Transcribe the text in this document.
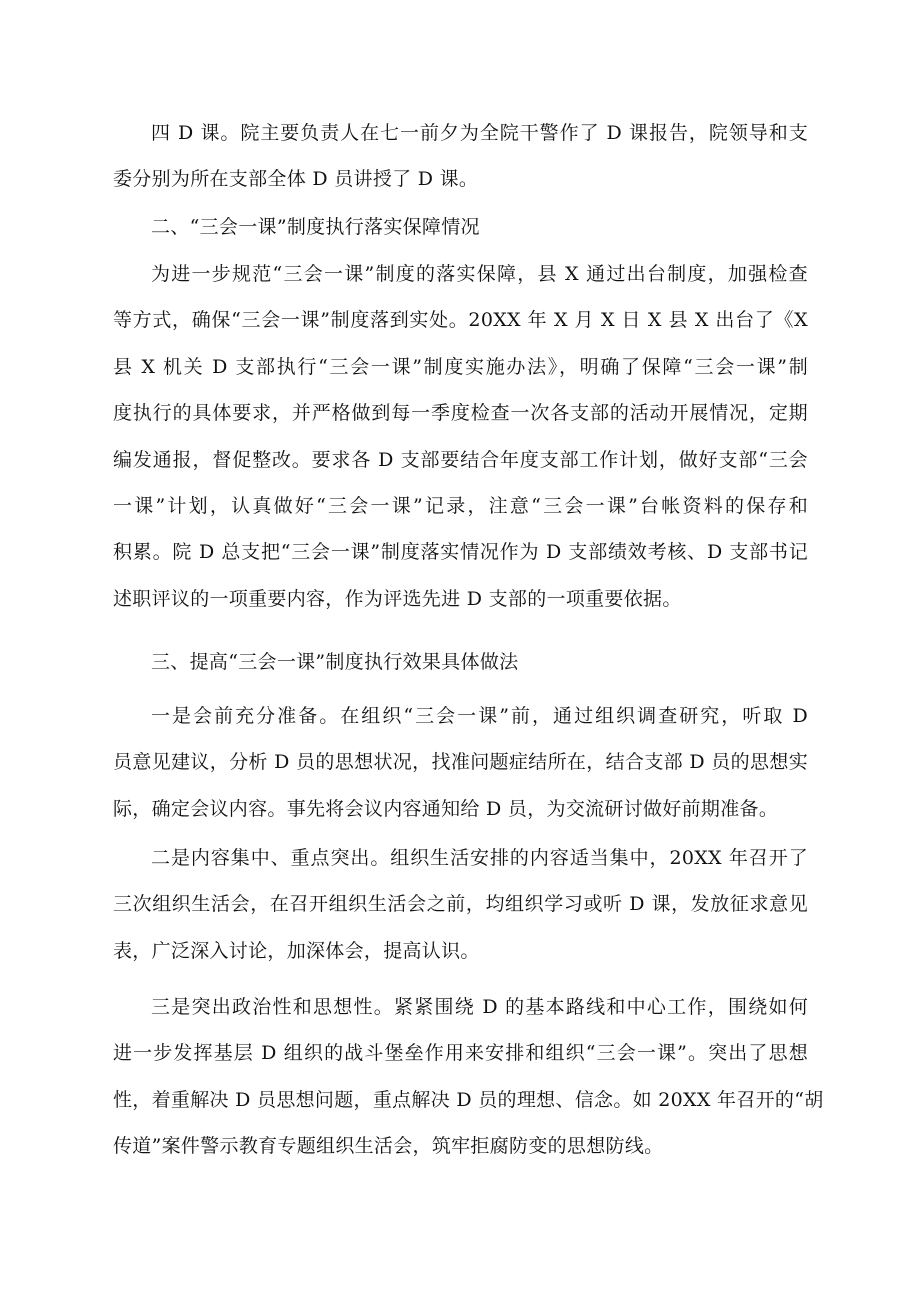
四 D 课。院主要负责人在七一前夕为全院干警作了 D 课报告，院领导和支
委分别为所在支部全体 D 员讲授了 D 课。
二、“三会一课”制度执行落实保障情况
为进一步规范“三会一课”制度的落实保障，县 X 通过出台制度，加强检查
等方式，确保“三会一课”制度落到实处。20XX 年 X 月 X 日 X 县 X 出台了《X
县 X 机关 D 支部执行“三会一课”制度实施办法》，明确了保障“三会一课”制
度执行的具体要求，并严格做到每一季度检查一次各支部的活动开展情况，定期
编发通报，督促整改。要求各 D 支部要结合年度支部工作计划，做好支部“三会
一课”计划，认真做好“三会一课”记录，注意“三会一课”台帐资料的保存和
积累。院 D 总支把“三会一课”制度落实情况作为 D 支部绩效考核、D 支部书记
述职评议的一项重要内容，作为评选先进 D 支部的一项重要依据。
三、提高“三会一课”制度执行效果具体做法
一是会前充分准备。在组织“三会一课”前，通过组织调查研究，听取 D
员意见建议，分析 D 员的思想状况，找准问题症结所在，结合支部 D 员的思想实
际，确定会议内容。事先将会议内容通知给 D 员，为交流研讨做好前期准备。
二是内容集中、重点突出。组织生活安排的内容适当集中，20XX 年召开了
三次组织生活会，在召开组织生活会之前，均组织学习或听 D 课，发放征求意见
表，广泛深入讨论，加深体会，提高认识。
三是突出政治性和思想性。紧紧围绕 D 的基本路线和中心工作，围绕如何
进一步发挥基层 D 组织的战斗堡垒作用来安排和组织“三会一课”。突出了思想
性，着重解决 D 员思想问题，重点解决 D 员的理想、信念。如 20XX 年召开的“胡
传道”案件警示教育专题组织生活会，筑牢拒腐防变的思想防线。
